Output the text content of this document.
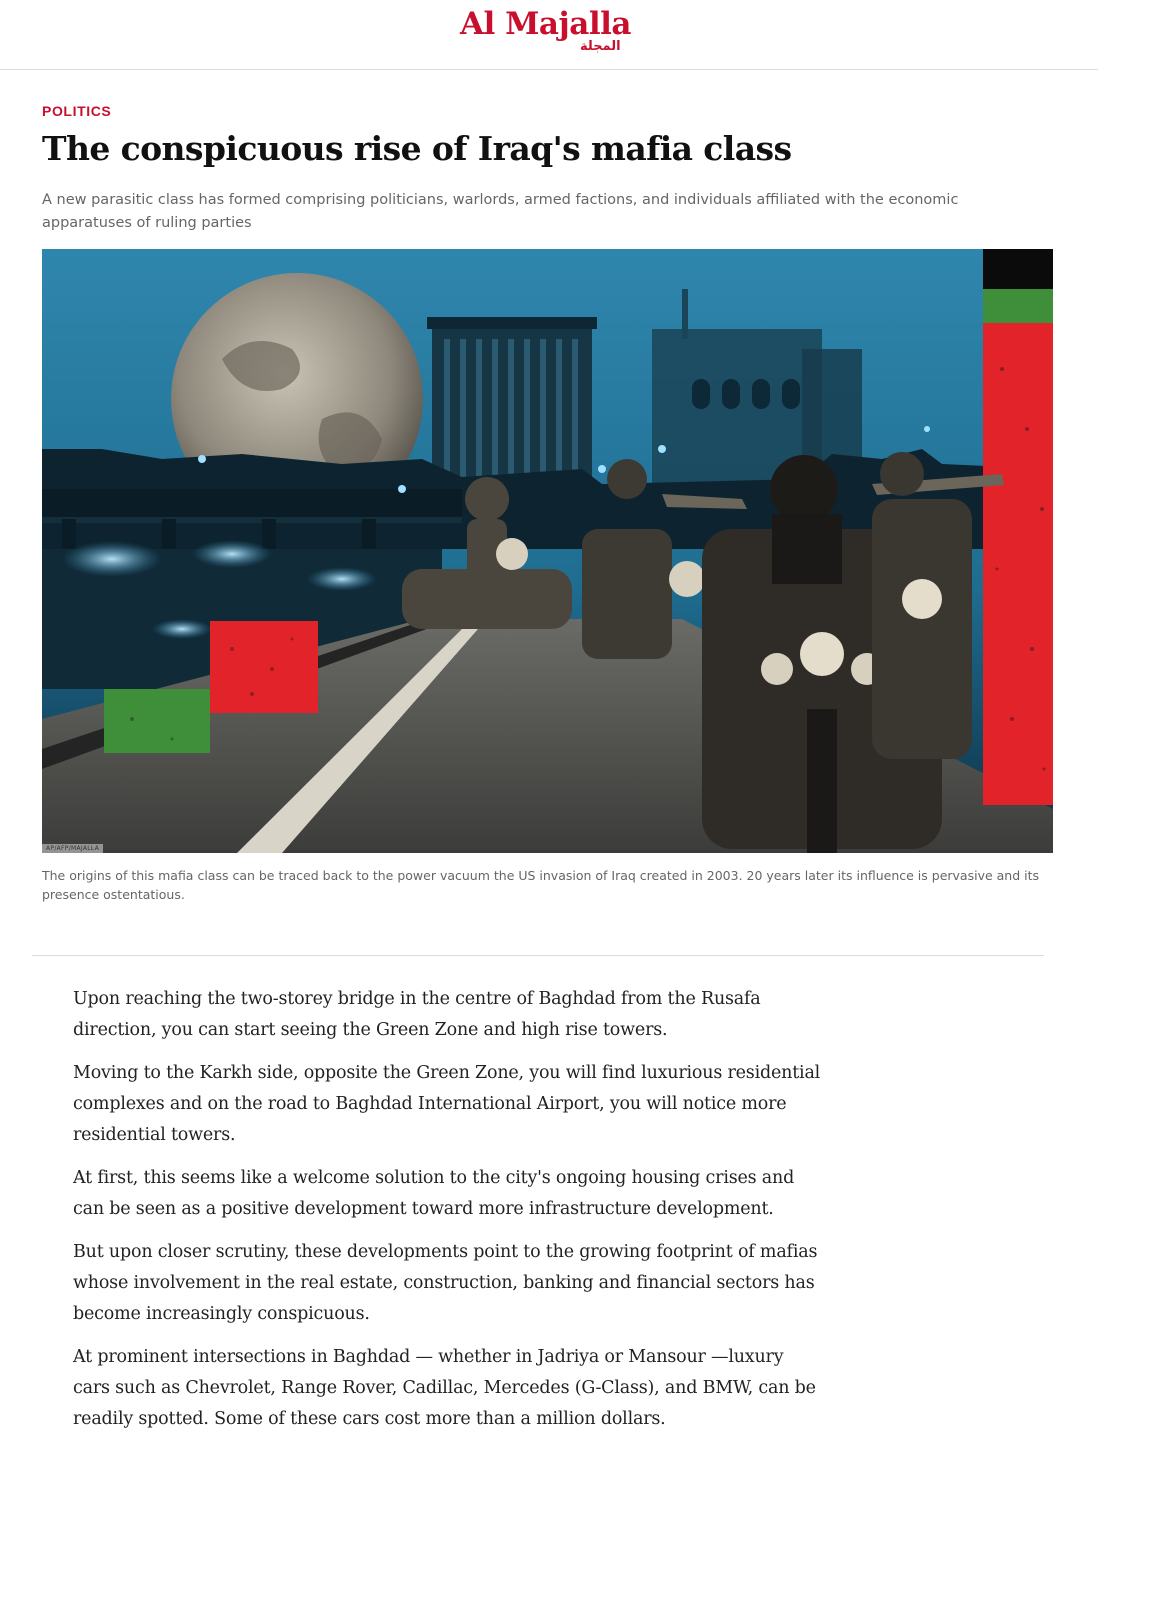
Al Majalla
المجلة
POLITICS
The conspicuous rise of Iraq's mafia class

A new parasitic class has formed comprising politicians, warlords, armed factions, and individuals affiliated with the economic apparatuses of ruling parties

AP/AFP/MAJALLA

The origins of this mafia class can be traced back to the power vacuum the US invasion of Iraq created in 2003. 20 years later its influence is pervasive and its presence ostentatious.

Upon reaching the two-storey bridge in the centre of Baghdad from the Rusafa direction, you can start seeing the Green Zone and high rise towers.

Moving to the Karkh side, opposite the Green Zone, you will find luxurious residential complexes and on the road to Baghdad International Airport, you will notice more residential towers.

At first, this seems like a welcome solution to the city's ongoing housing crises and can be seen as a positive development toward more infrastructure development.

But upon closer scrutiny, these developments point to the growing footprint of mafias whose involvement in the real estate, construction, banking and financial sectors has become increasingly conspicuous.

At prominent intersections in Baghdad — whether in Jadriya or Mansour —luxury cars such as Chevrolet, Range Rover, Cadillac, Mercedes (G-Class), and BMW, can be readily spotted. Some of these cars cost more than a million dollars.
